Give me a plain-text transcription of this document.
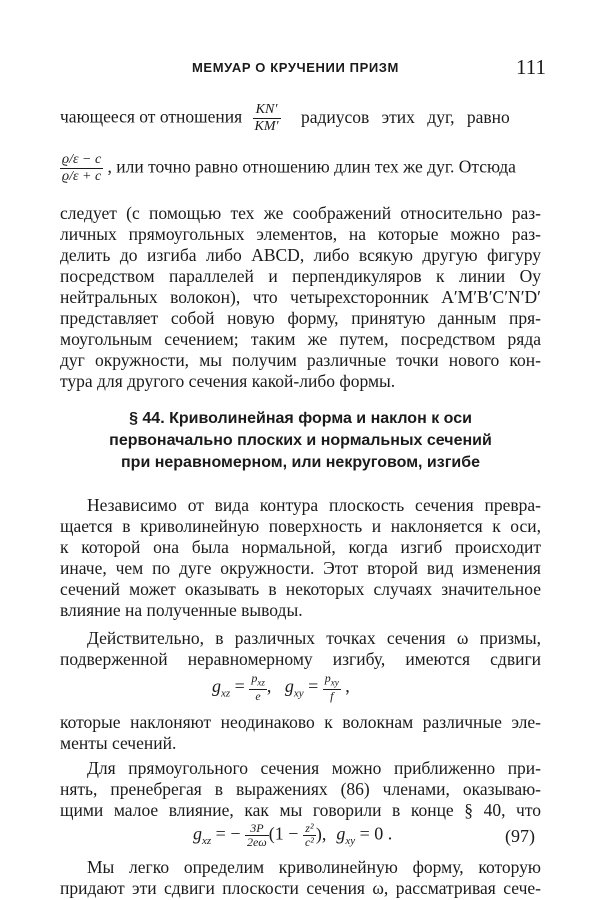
МЕМУАР О КРУЧЕНИИ ПРИЗМ	111
чающееся от отношения $\frac{KN'}{KM'}$ радиусов этих дуг, равно
$\frac{ϱ/\varepsilon - c}{ϱ/\varepsilon + c}$ , или точно равно отношению длин тех же дуг. Отсюда
следует (с помощью тех же соображений относительно раз-
личных прямоугольных элементов, на которые можно раз-
делить до изгиба либо ABCD, либо всякую другую фигуру
посредством параллелей и перпендикуляров к линии Oy
нейтральных волокон), что четырехсторонник A′M′B′C′N′D′
представляет собой новую форму, принятую данным пря-
моугольным сечением; таким же путем, посредством ряда
дуг окружности, мы получим различные точки нового кон-
тура для другого сечения какой-либо формы.
§ 44. Криволинейная форма и наклон к оси
первоначально плоских и нормальных сечений
при неравномерном, или некруговом, изгибе
Независимо от вида контура плоскость сечения превра-
щается в криволинейную поверхность и наклоняется к оси,
к которой она была нормальной, когда изгиб происходит
иначе, чем по дуге окружности. Этот второй вид изменения
сечений может оказывать в некоторых случаях значительное
влияние на полученные выводы.
Действительно, в различных точках сечения ω призмы,
подверженной неравномерному изгибу, имеются сдвиги
$g_{xz} = \frac{p_{xz}}{e}$ ,   $g_{xy} = \frac{p_{xy}}{f}$ ,
которые наклоняют неодинаково к волокнам различные эле-
менты сечений.
Для прямоугольного сечения можно приближенно при-
нять, пренебрегая в выражениях (86) членами, оказываю-
щими малое влияние, как мы говорили в конце § 40, что
$g_{xz}$ = − $\frac{3P}{2e\omega} (1 - \frac{\text{z²}}{\text{c²}}$ ), $g_{xy} = 0$ .	(97)
Мы легко определим криволинейную форму, которую
придают эти сдвиги плоскости сечения ω, рассматривая сече-
